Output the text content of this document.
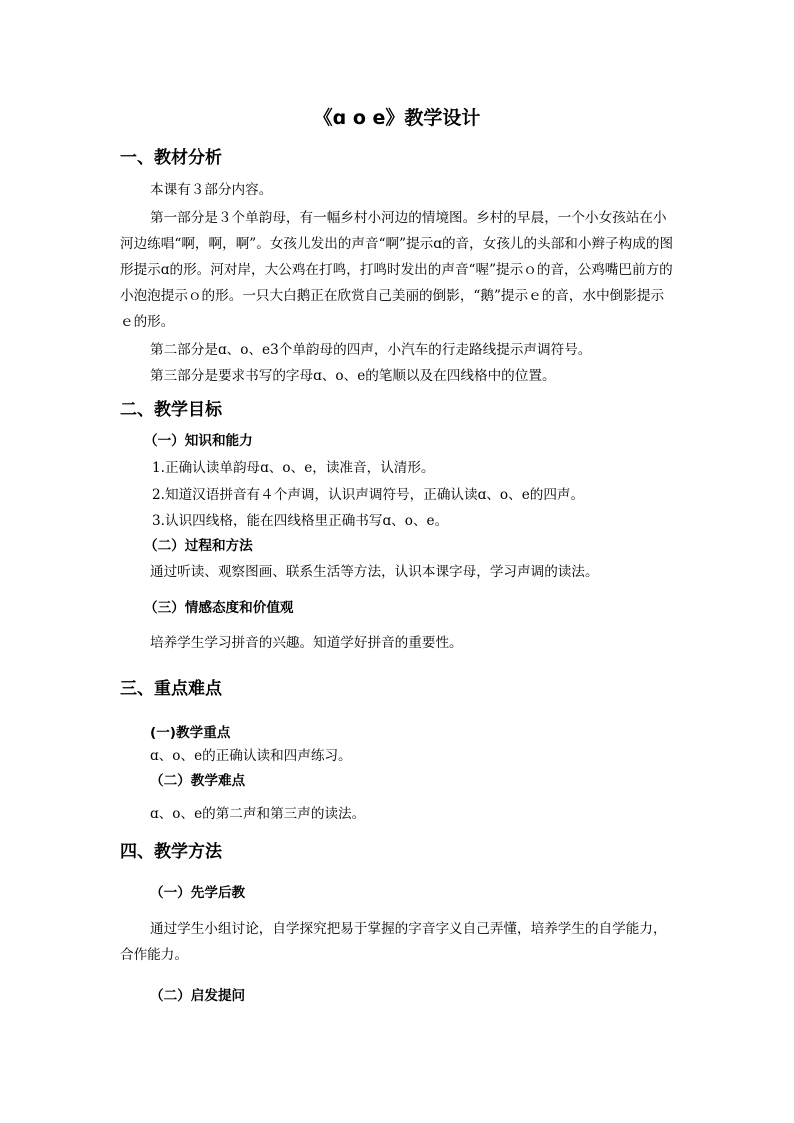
《ɑ o e》教学设计
一、教材分析
本课有３部分内容。
第一部分是３个单韵母，有一幅乡村小河边的情境图。乡村的早晨，一个小女孩站在小河边练唱“啊，啊，啊”。女孩儿发出的声音“啊”提示ɑ的音，女孩儿的头部和小辫子构成的图形提示ɑ的形。河对岸，大公鸡在打鸣，打鸣时发出的声音“喔”提示ｏ的音，公鸡嘴巴前方的小泡泡提示ｏ的形。一只大白鹅正在欣赏自己美丽的倒影，“鹅”提示ｅ的音，水中倒影提示ｅ的形。
第二部分是ɑ、o、e3个单韵母的四声，小汽车的行走路线提示声调符号。
第三部分是要求书写的字母ɑ、o、e的笔顺以及在四线格中的位置。
二、教学目标
（一）知识和能力
1.正确认读单韵母ɑ、o、e，读准音，认清形。
2.知道汉语拼音有４个声调，认识声调符号，正确认读ɑ、o、e的四声。
3.认识四线格，能在四线格里正确书写ɑ、o、e。
（二）过程和方法
通过听读、观察图画、联系生活等方法，认识本课字母，学习声调的读法。
（三）情感态度和价值观
培养学生学习拼音的兴趣。知道学好拼音的重要性。
三、重点难点
(一)教学重点
ɑ、o、e的正确认读和四声练习。
（二）教学难点
ɑ、o、e的第二声和第三声的读法。
四、教学方法
（一）先学后教
通过学生小组讨论，自学探究把易于掌握的字音字义自己弄懂，培养学生的自学能力，合作能力。
（二）启发提问
